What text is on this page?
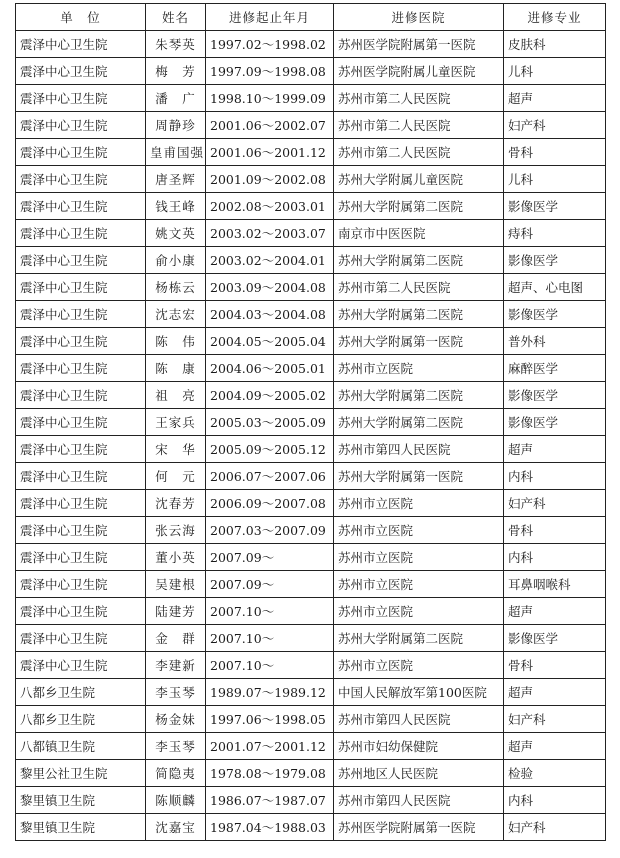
单　位	姓名	进修起止年月	进修医院	进修专业
震泽中心卫生院	朱琴英	1997.02～1998.02	苏州医学院附属第一医院	皮肤科
震泽中心卫生院	梅　芳	1997.09～1998.08	苏州医学院附属儿童医院	儿科
震泽中心卫生院	潘　广	1998.10～1999.09	苏州市第二人民医院	超声
震泽中心卫生院	周静珍	2001.06～2002.07	苏州市第二人民医院	妇产科
震泽中心卫生院	皇甫国强	2001.06～2001.12	苏州市第二人民医院	骨科
震泽中心卫生院	唐圣辉	2001.09～2002.08	苏州大学附属儿童医院	儿科
震泽中心卫生院	钱王峰	2002.08～2003.01	苏州大学附属第二医院	影像医学
震泽中心卫生院	姚文英	2003.02～2003.07	南京市中医医院	痔科
震泽中心卫生院	俞小康	2003.02～2004.01	苏州大学附属第二医院	影像医学
震泽中心卫生院	杨栋云	2003.09～2004.08	苏州市第二人民医院	超声、心电图
震泽中心卫生院	沈志宏	2004.03～2004.08	苏州大学附属第二医院	影像医学
震泽中心卫生院	陈　伟	2004.05～2005.04	苏州大学附属第一医院	普外科
震泽中心卫生院	陈　康	2004.06～2005.01	苏州市立医院	麻醉医学
震泽中心卫生院	祖　亮	2004.09～2005.02	苏州大学附属第二医院	影像医学
震泽中心卫生院	王家兵	2005.03～2005.09	苏州大学附属第二医院	影像医学
震泽中心卫生院	宋　华	2005.09～2005.12	苏州市第四人民医院	超声
震泽中心卫生院	何　元	2006.07～2007.06	苏州大学附属第一医院	内科
震泽中心卫生院	沈春芳	2006.09～2007.08	苏州市立医院	妇产科
震泽中心卫生院	张云海	2007.03～2007.09	苏州市立医院	骨科
震泽中心卫生院	董小英	2007.09～	苏州市立医院	内科
震泽中心卫生院	吴建根	2007.09～	苏州市立医院	耳鼻咽喉科
震泽中心卫生院	陆建芳	2007.10～	苏州市立医院	超声
震泽中心卫生院	金　群	2007.10～	苏州大学附属第二医院	影像医学
震泽中心卫生院	李建新	2007.10～	苏州市立医院	骨科
八都乡卫生院	李玉琴	1989.07～1989.12	中国人民解放军第100医院	超声
八都乡卫生院	杨金妹	1997.06～1998.05	苏州市第四人民医院	妇产科
八都镇卫生院	李玉琴	2001.07～2001.12	苏州市妇幼保健院	超声
黎里公社卫生院	简隐夷	1978.08～1979.08	苏州地区人民医院	检验
黎里镇卫生院	陈顺麟	1986.07～1987.07	苏州市第四人民医院	内科
黎里镇卫生院	沈嘉宝	1987.04～1988.03	苏州医学院附属第一医院	妇产科
